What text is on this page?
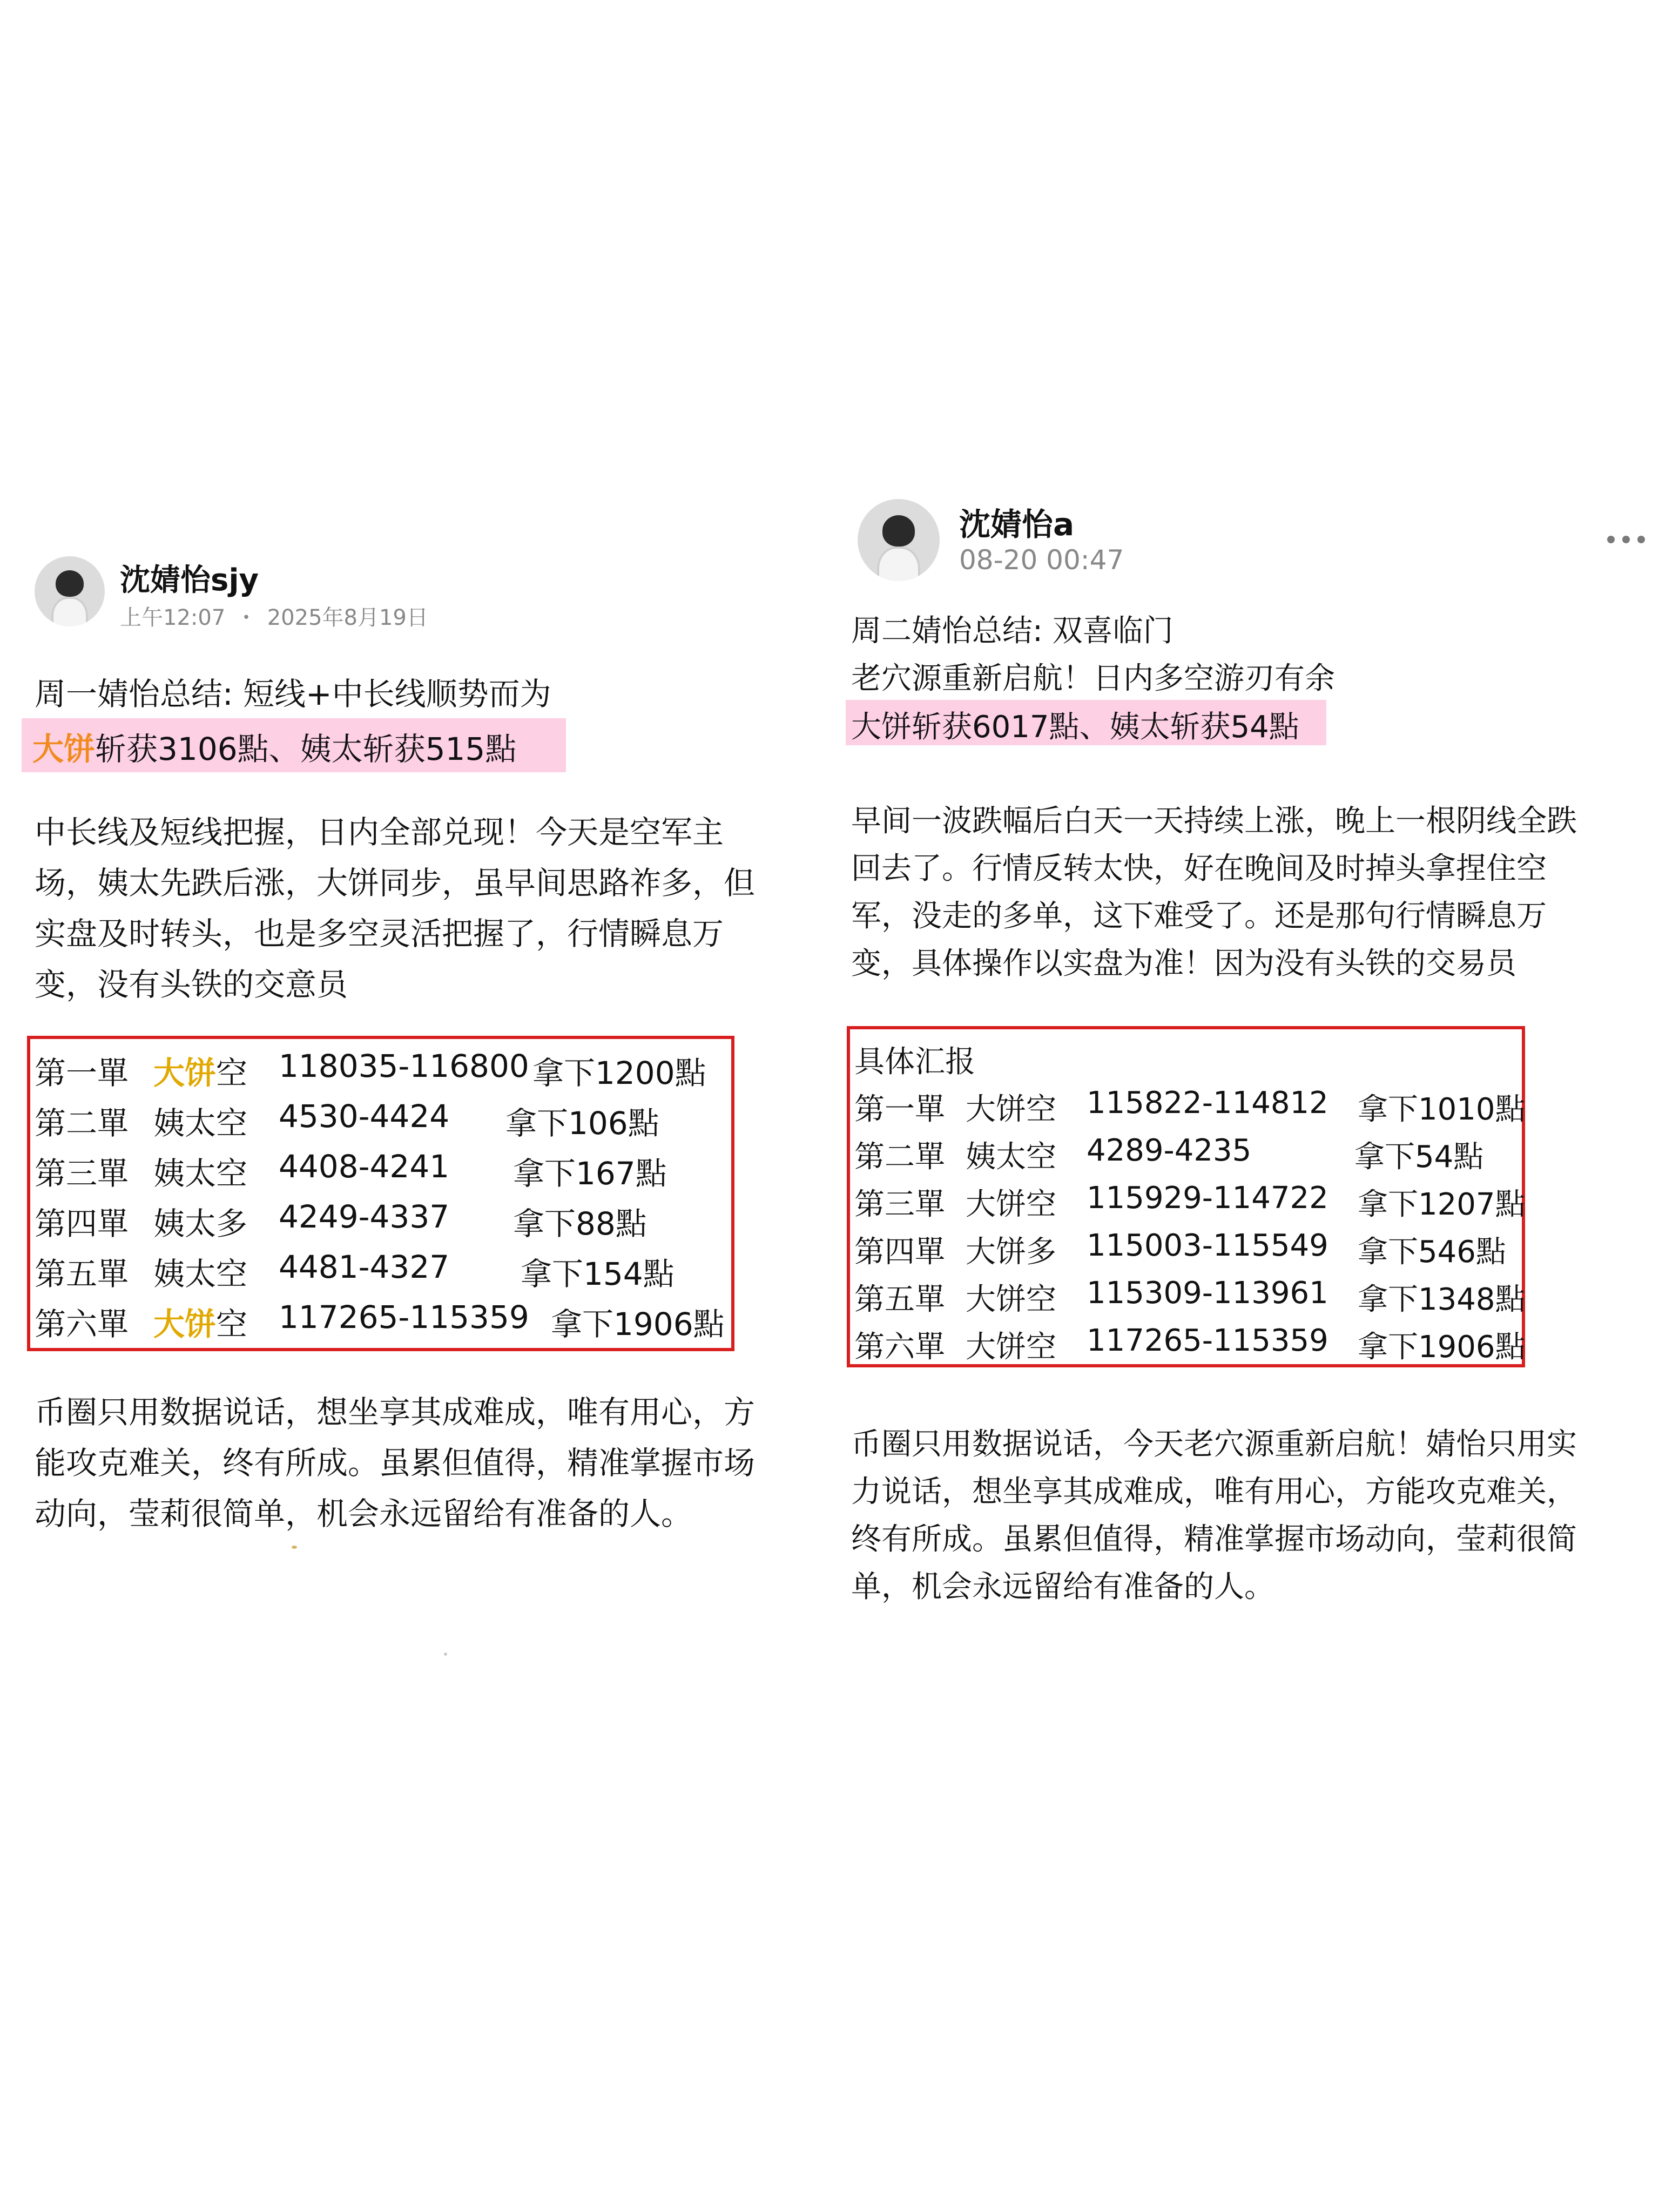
沈婧怡sjy
上午12:07 ・ 2025年8月19日
周一婧怡总结: 短线+中长线顺势而为
大饼斩获3106點、姨太斩获515點
中长线及短线把握，日内全部兑现！今天是空军主
场，姨太先跌后涨，大饼同步，虽早间思路祚多，但
实盘及时转头，也是多空灵活把握了，行情瞬息万
变，没有头铁的交意员
第一單 大饼空 118035-116800 拿下1200點
第二單 姨太空 4530-4424 拿下106點
第三單 姨太空 4408-4241 拿下167點
第四單 姨太多 4249-4337 拿下88點
第五單 姨太空 4481-4327 拿下154點
第六單 大饼空 117265-115359 拿下1906點
币圈只用数据说话，想坐享其成难成，唯有用心，方
能攻克难关，终有所成。虽累但值得，精准掌握市场
动向，莹莉很简单，机会永远留给有准备的人。
沈婧怡a
08-20 00:47
周二婧怡总结: 双喜临门
老穴源重新启航！日内多空游刃有余
大饼斩获6017點、姨太斩获54點
早间一波跌幅后白天一天持续上涨，晚上一根阴线全跌
回去了。行情反转太快，好在晚间及时掉头拿捏住空
军，没走的多单，这下难受了。还是那句行情瞬息万
变，具体操作以实盘为准！因为没有头铁的交易员
具体汇报
第一單 大饼空 115822-114812 拿下1010點
第二單 姨太空 4289-4235	拿下54點
第三單 大饼空 115929-114722 拿下1207點
第四單 大饼多 115003-115549 拿下546點
第五單 大饼空 115309-113961 拿下1348點
第六單 大饼空 117265-115359 拿下1906點
币圈只用数据说话，今天老穴源重新启航！婧怡只用实
力说话，想坐享其成难成，唯有用心，方能攻克难关，
终有所成。虽累但值得，精准掌握市场动向，莹莉很简
单，机会永远留给有准备的人。
